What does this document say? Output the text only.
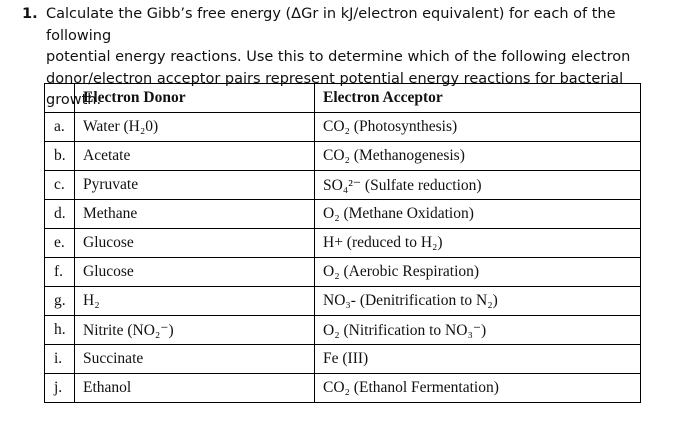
1. Calculate the Gibb’s free energy (ΔGr in kJ/electron equivalent) for each of the following
potential energy reactions. Use this to determine which of the following electron
donor/electron acceptor pairs represent potential energy reactions for bacterial growth.
	Electron Donor	Electron Acceptor
a.	Water (H₂0)	CO₂ (Photosynthesis)
b.	Acetate	CO₂ (Methanogenesis)
c.	Pyruvate	SO₄²⁻ (Sulfate reduction)
d.	Methane	O₂ (Methane Oxidation)
e.	Glucose	H+ (reduced to H₂)
f.	Glucose	O₂ (Aerobic Respiration)
g.	H₂	NO₃- (Denitrification to N₂)
h.	Nitrite (NO₂⁻)	O₂ (Nitrification to NO₃⁻)
i.	Succinate	Fe (III)
j.	Ethanol	CO₂ (Ethanol Fermentation)
